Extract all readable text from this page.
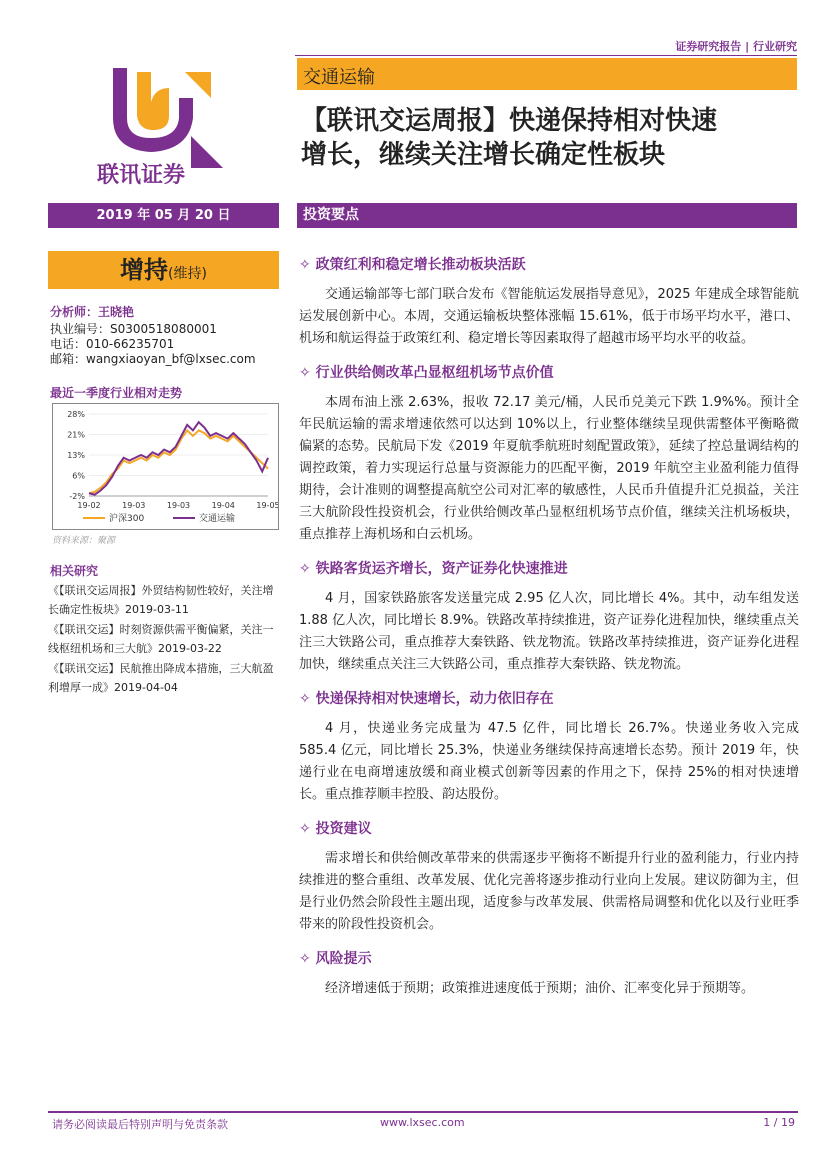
证券研究报告 | 行业研究
交通运输
联讯证券
【联讯交运周报】快递保持相对快速
增长，继续关注增长确定性板块
2019 年 05 月 20 日	投资要点
增持(维持)
分析师：王晓艳
执业编号：S0300518080001
电话：010-66235701
邮箱：wangxiaoyan_bf@lxsec.com
最近一季度行业相对走势
28%
21%
13%
6%
-2%
19-02	19-03	19-03	19-04	19-05
沪深300	交通运输
资料来源：聚源
相关研究
《【联讯交运周报】外贸结构韧性较好，关注增长确定性板块》2019-03-11
《【联讯交运】时刻资源供需平衡偏紧，关注一线枢纽机场和三大航》2019-03-22
《【联讯交运】民航推出降成本措施，三大航盈利增厚一成》2019-04-04
✧ 政策红利和稳定增长推动板块活跃
交通运输部等七部门联合发布《智能航运发展指导意见》，2025 年建成全球智能航运发展创新中心。本周，交通运输板块整体涨幅 15.61%，低于市场平均水平，港口、机场和航运得益于政策红利、稳定增长等因素取得了超越市场平均水平的收益。
✧ 行业供给侧改革凸显枢纽机场节点价值
本周布油上涨 2.63%，报收 72.17 美元/桶，人民币兑美元下跌 1.9%%。预计全年民航运输的需求增速依然可以达到 10%以上，行业整体继续呈现供需整体平衡略微偏紧的态势。民航局下发《2019 年夏航季航班时刻配置政策》，延续了控总量调结构的调控政策，着力实现运行总量与资源能力的匹配平衡，2019 年航空主业盈利能力值得期待，会计准则的调整提高航空公司对汇率的敏感性，人民币升值提升汇兑损益，关注三大航阶段性投资机会，行业供给侧改革凸显枢纽机场节点价值，继续关注机场板块，重点推荐上海机场和白云机场。
✧ 铁路客货运齐增长，资产证券化快速推进
4 月，国家铁路旅客发送量完成 2.95 亿人次，同比增长 4%。其中，动车组发送 1.88 亿人次，同比增长 8.9%。铁路改革持续推进，资产证券化进程加快，继续重点关注三大铁路公司，重点推荐大秦铁路、铁龙物流。铁路改革持续推进，资产证券化进程加快，继续重点关注三大铁路公司，重点推荐大秦铁路、铁龙物流。
✧ 快递保持相对快速增长，动力依旧存在
4 月，快递业务完成量为 47.5 亿件，同比增长 26.7%。快递业务收入完成 585.4 亿元，同比增长 25.3%，快递业务继续保持高速增长态势。预计 2019 年，快递行业在电商增速放缓和商业模式创新等因素的作用之下，保持 25%的相对快速增长。重点推荐顺丰控股、韵达股份。
✧ 投资建议
需求增长和供给侧改革带来的供需逐步平衡将不断提升行业的盈利能力，行业内持续推进的整合重组、改革发展、优化完善将逐步推动行业向上发展。建议防御为主，但是行业仍然会阶段性主题出现，适度参与改革发展、供需格局调整和优化以及行业旺季带来的阶段性投资机会。
✧ 风险提示
经济增速低于预期；政策推进速度低于预期；油价、汇率变化异于预期等。
请务必阅读最后特别声明与免责条款	www.lxsec.com	1 / 19
